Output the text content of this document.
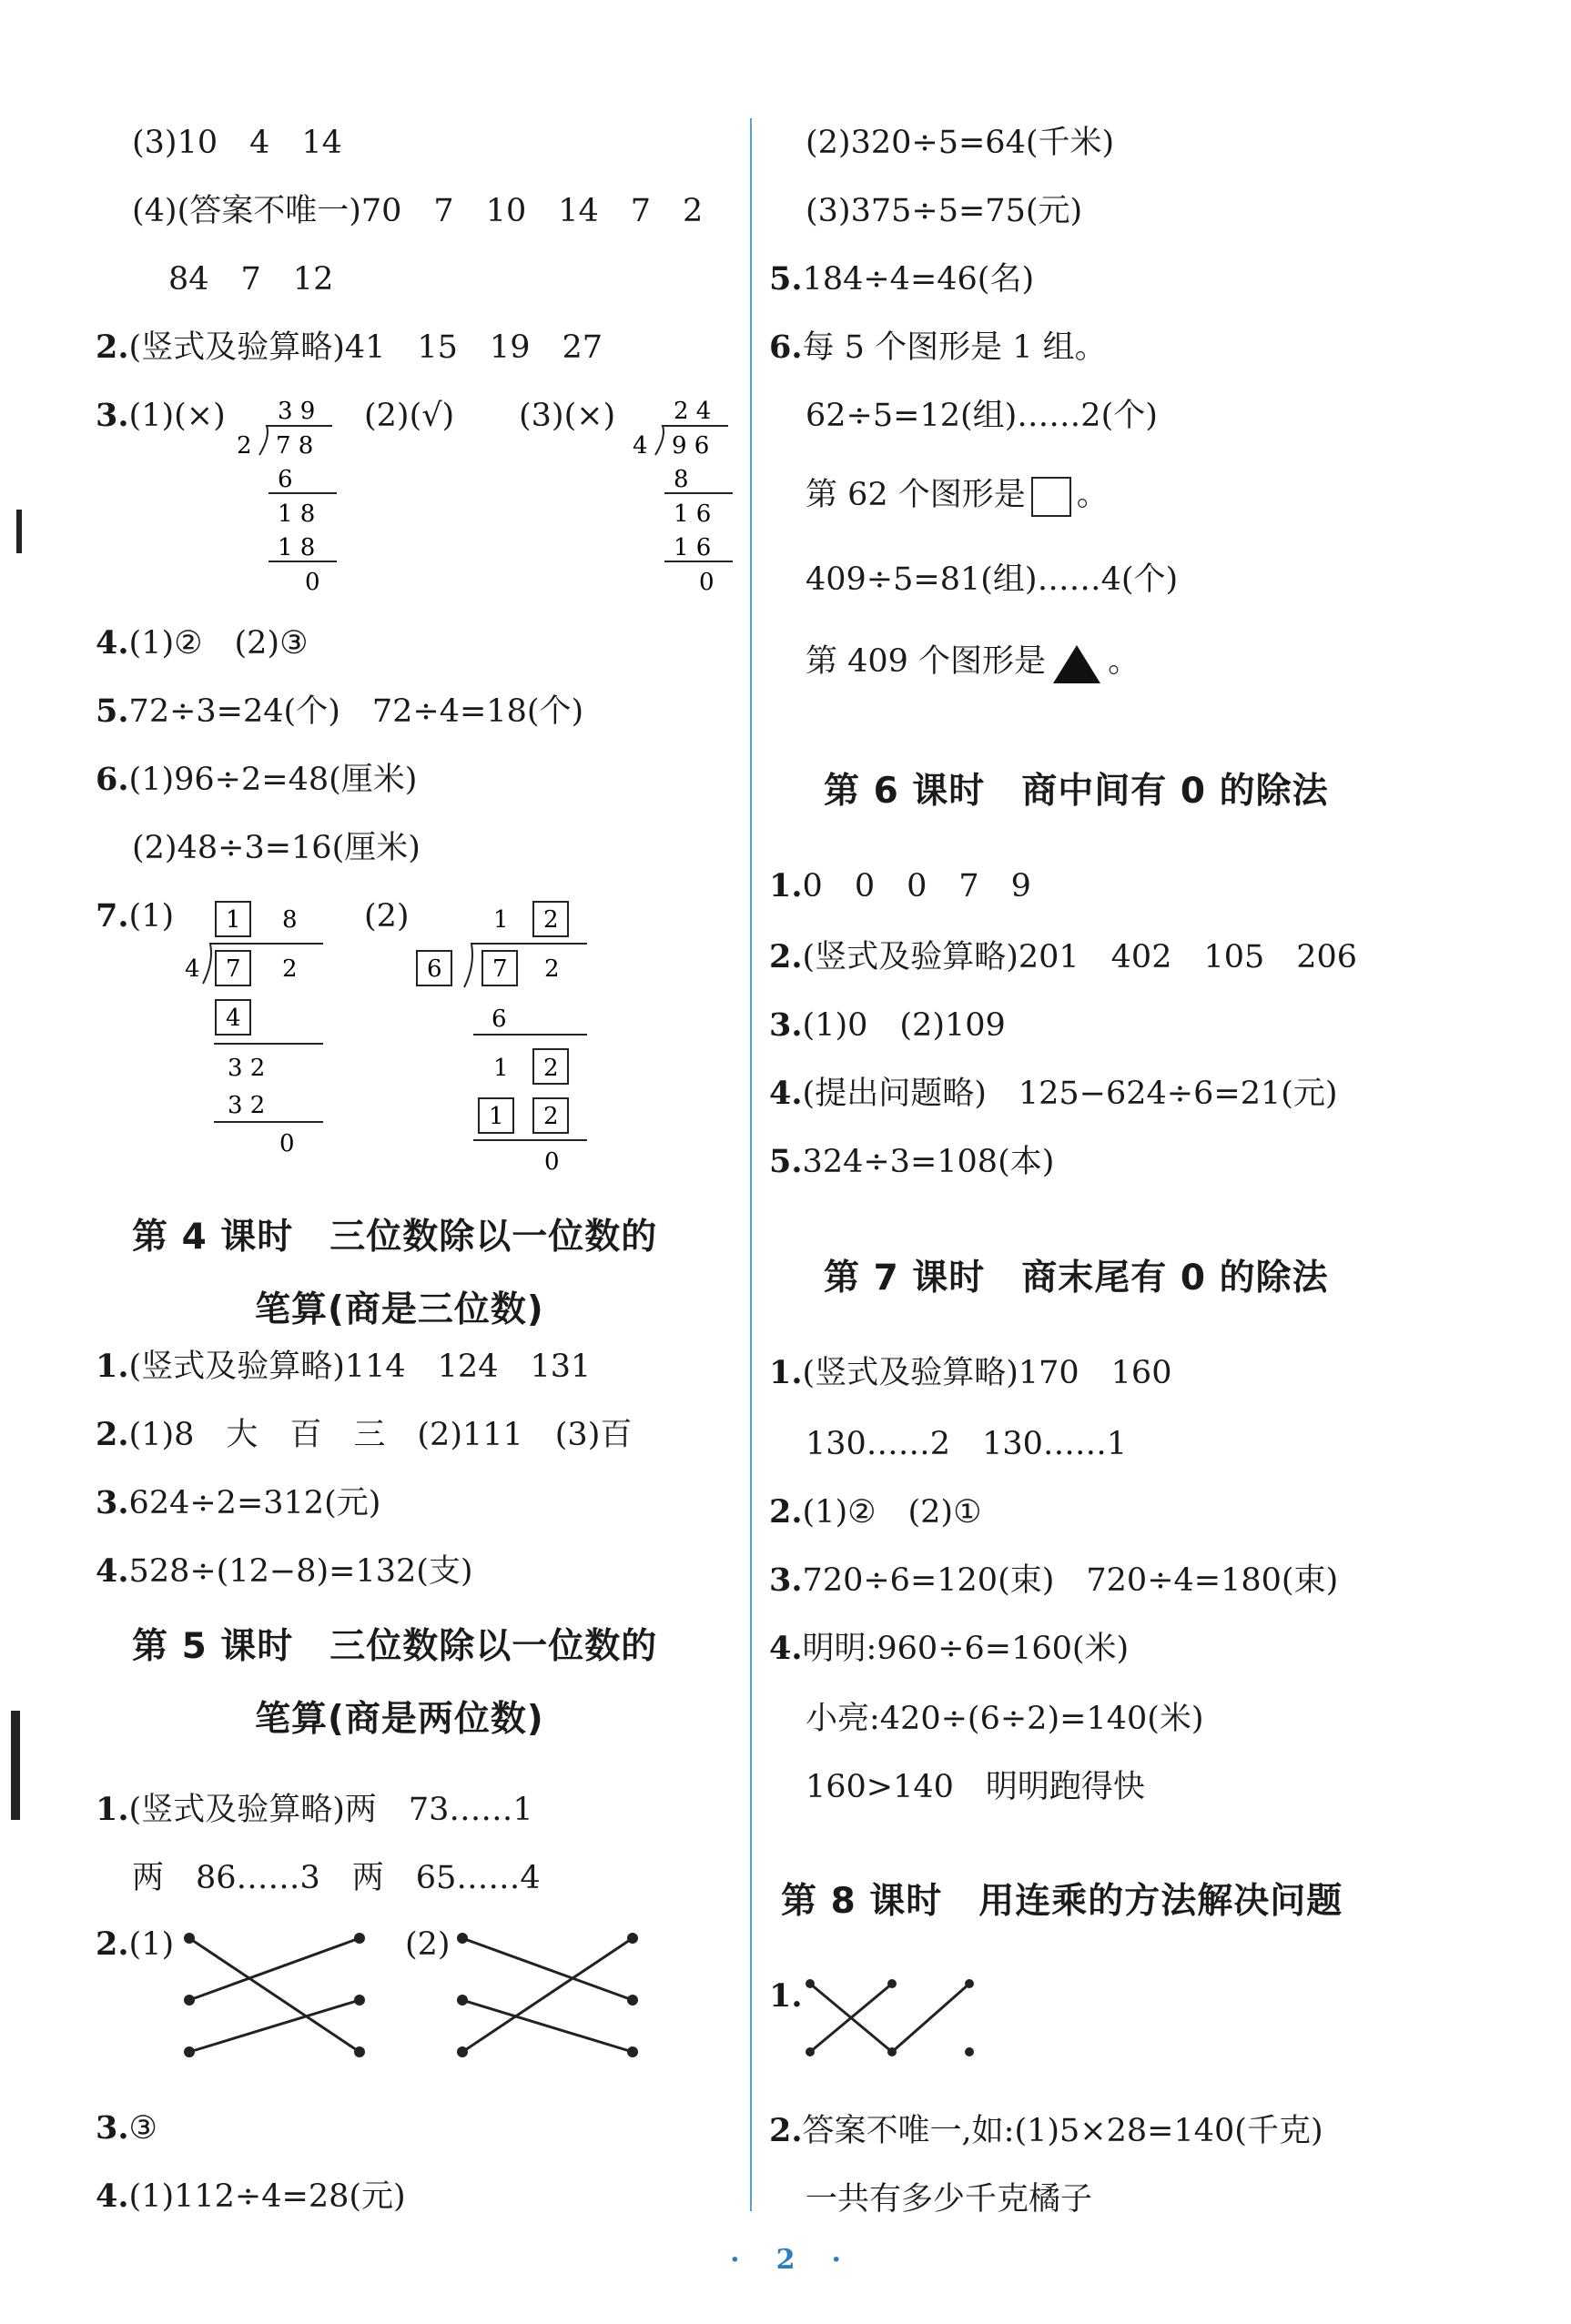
(3)10　4　14
(4)(答案不唯一)70　7　10　14　7　2
84　7　12
2.(竖式及验算略)41　15　19　27
3.(1)(×)	(2)(√) (3)(×)
3 9
2 7 8
6
1 8
1 8
0
2 4
4 9 6
8
1 6
1 6
0
4.(1)②　(2)③
5.72÷3=24(个)　72÷4=18(个)
6.(1)96÷2=48(厘米)
(2)48÷3=16(厘米)
7.(1)	(2)
1 8
4 7 2
4
3 2
3 2
0
1 2
6 7 2
6
1 2
1 2
0
第 4 课时　三位数除以一位数的
笔算(商是三位数)
1.(竖式及验算略)114　124　131
2.(1)8　大　百　三　(2)111　(3)百
3.624÷2=312(元)
4.528÷(12−8)=132(支)
第 5 课时　三位数除以一位数的
笔算(商是两位数)
1.(竖式及验算略)两　73……1
两　86……3　两　65……4
2.(1)	(2)
3.③
4.(1)112÷4=28(元)
(2)320÷5=64(千米)
(3)375÷5=75(元)
5.184÷4=46(名)
6.每 5 个图形是 1 组。
62÷5=12(组)……2(个)
第 62 个图形是 。
409÷5=81(组)……4(个)
第 409 个图形是 。
第 6 课时　商中间有 0 的除法
1.0　0　0　7　9
2.(竖式及验算略)201　402　105　206
3.(1)0　(2)109
4.(提出问题略)　125−624÷6=21(元)
5.324÷3=108(本)
第 7 课时　商末尾有 0 的除法
1.(竖式及验算略)170　160
130……2　130……1
2.(1)②　(2)①
3.720÷6=120(束)　720÷4=180(束)
4.明明:960÷6=160(米)
小亮:420÷(6÷2)=140(米)
160>140　明明跑得快
第 8 课时　用连乘的方法解决问题
1.
2.答案不唯一,如:(1)5×28=140(千克)
一共有多少千克橘子
· 2 ·
